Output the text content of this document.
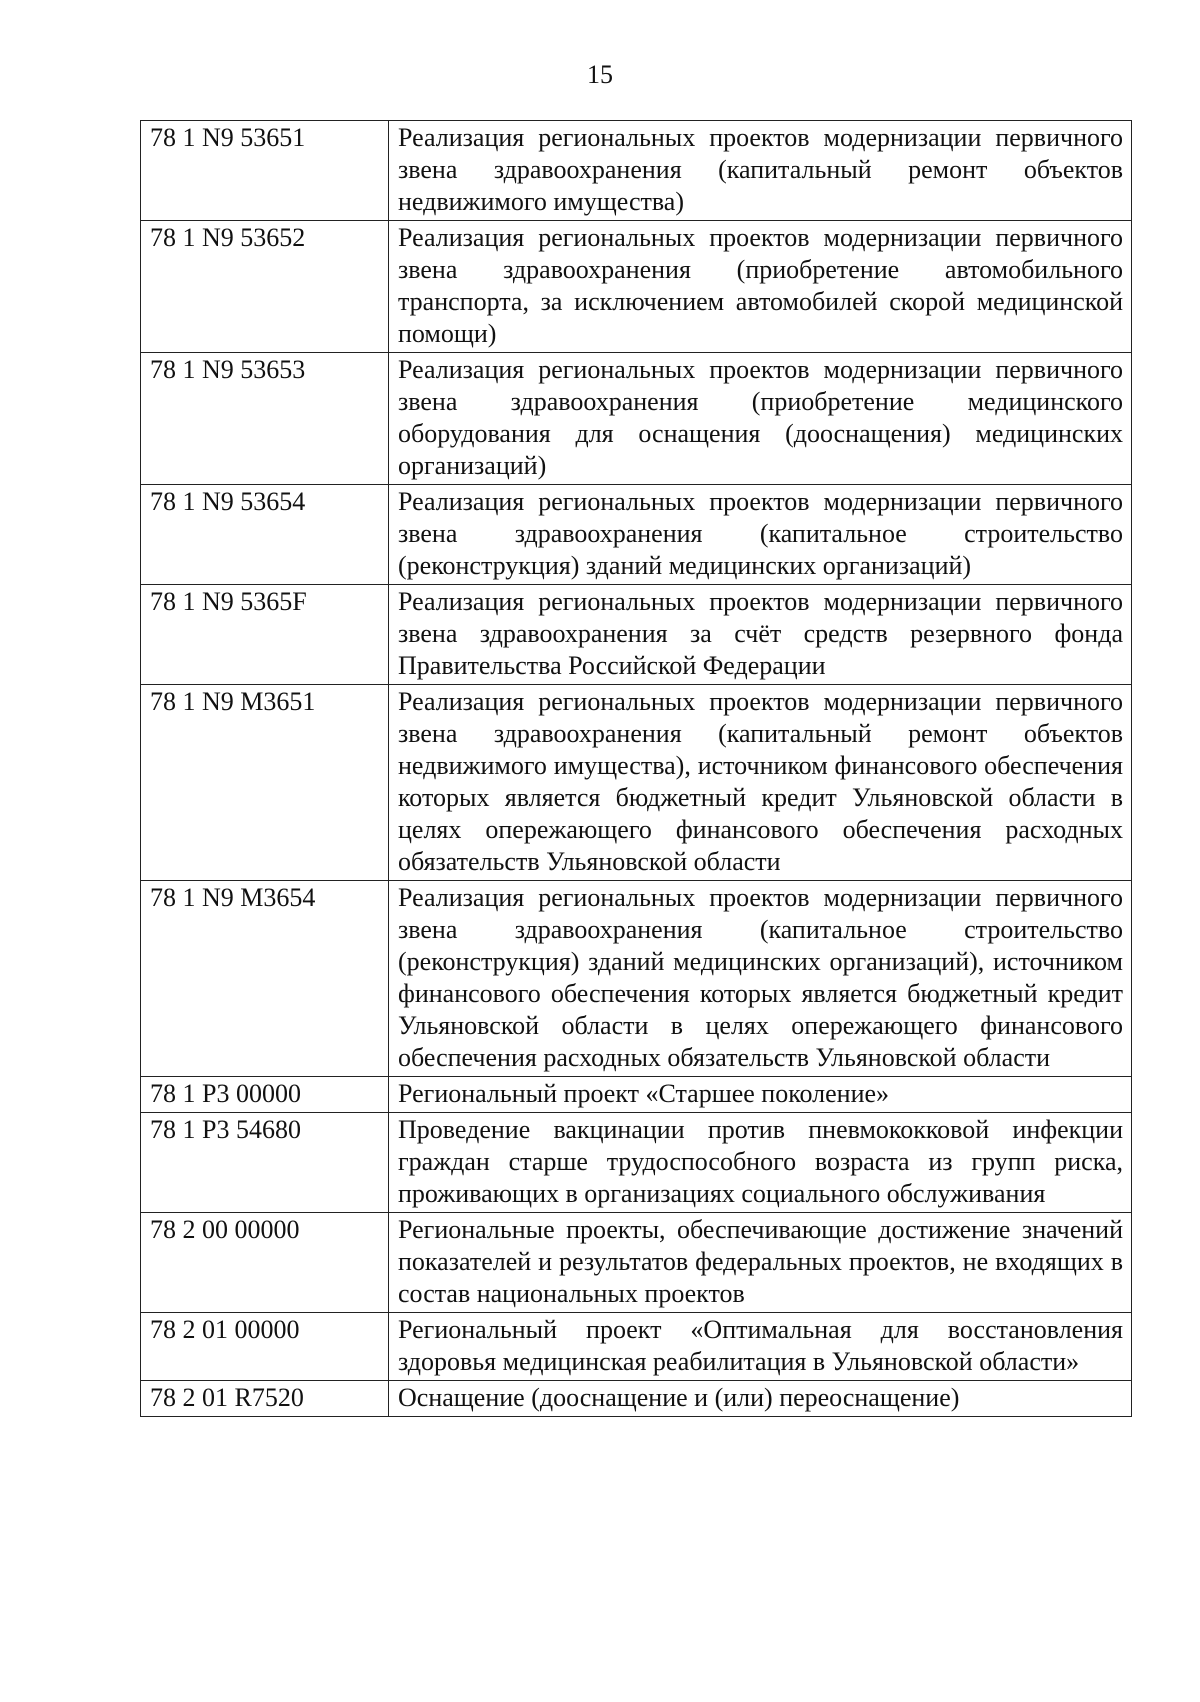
15
78 1 N9 53651	Реализация региональных проектов модернизации первичного звена здравоохранения (капитальный ремонт объектов недвижимого имущества)
78 1 N9 53652	Реализация региональных проектов модернизации первичного звена здравоохранения (приобретение автомобильного транспорта, за исключением автомобилей скорой медицинской помощи)
78 1 N9 53653	Реализация региональных проектов модернизации первичного звена здравоохранения (приобретение медицинского оборудования для оснащения (дооснащения) медицинских организаций)
78 1 N9 53654	Реализация региональных проектов модернизации первичного звена здравоохранения (капитальное строительство (реконструкция) зданий медицинских организаций)
78 1 N9 5365F	Реализация региональных проектов модернизации первичного звена здравоохранения за счёт средств резервного фонда Правительства Российской Федерации
78 1 N9 M3651	Реализация региональных проектов модернизации первичного звена здравоохранения (капитальный ремонт объектов недвижимого имущества), источником финансового обеспечения которых является бюджетный кредит Ульяновской области в целях опережающего финансового обеспечения расходных обязательств Ульяновской области
78 1 N9 M3654	Реализация региональных проектов модернизации первичного звена здравоохранения (капитальное строительство (реконструкция) зданий медицинских организаций), источником финансового обеспечения которых является бюджетный кредит Ульяновской области в целях опережающего финансового обеспечения расходных обязательств Ульяновской области
78 1 P3 00000	Региональный проект «Старшее поколение»
78 1 P3 54680	Проведение вакцинации против пневмококковой инфекции граждан старше трудоспособного возраста из групп риска, проживающих в организациях социального обслуживания
78 2 00 00000	Региональные проекты, обеспечивающие достижение значений показателей и результатов федеральных проектов, не входящих в состав национальных проектов
78 2 01 00000	Региональный проект «Оптимальная для восстановления здоровья медицинская реабилитация в Ульяновской области»
78 2 01 R7520	Оснащение (дооснащение и (или) переоснащение)
